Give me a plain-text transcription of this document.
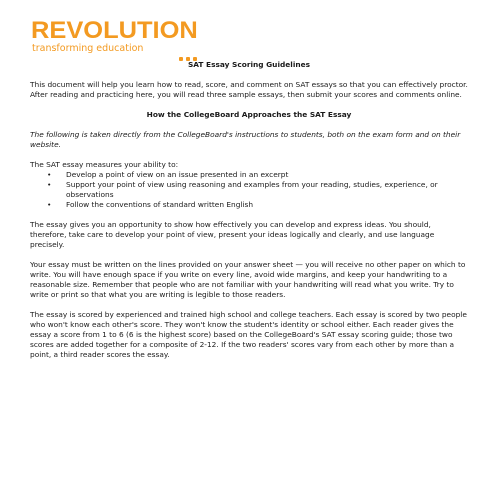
REVOLUTION
transforming education
SAT Essay Scoring Guidelines

This document will help you learn how to read, score, and comment on SAT essays so that you can effectively proctor. After reading and practicing here, you will read three sample essays, then submit your scores and comments online.

How the CollegeBoard Approaches the SAT Essay

The following is taken directly from the CollegeBoard's instructions to students, both on the exam form and on their website.

The SAT essay measures your ability to:

• Develop a point of view on an issue presented in an excerpt
• Support your point of view using reasoning and examples from your reading, studies, experience, or observations
• Follow the conventions of standard written English

The essay gives you an opportunity to show how effectively you can develop and express ideas. You should, therefore, take care to develop your point of view, present your ideas logically and clearly, and use language precisely.

Your essay must be written on the lines provided on your answer sheet — you will receive no other paper on which to write. You will have enough space if you write on every line, avoid wide margins, and keep your handwriting to a reasonable size. Remember that people who are not familiar with your handwriting will read what you write. Try to write or print so that what you are writing is legible to those readers.

The essay is scored by experienced and trained high school and college teachers. Each essay is scored by two people who won't know each other's score. They won't know the student's identity or school either. Each reader gives the essay a score from 1 to 6 (6 is the highest score) based on the CollegeBoard's SAT essay scoring guide; those two scores are added together for a composite of 2-12. If the two readers' scores vary from each other by more than a point, a third reader scores the essay.
